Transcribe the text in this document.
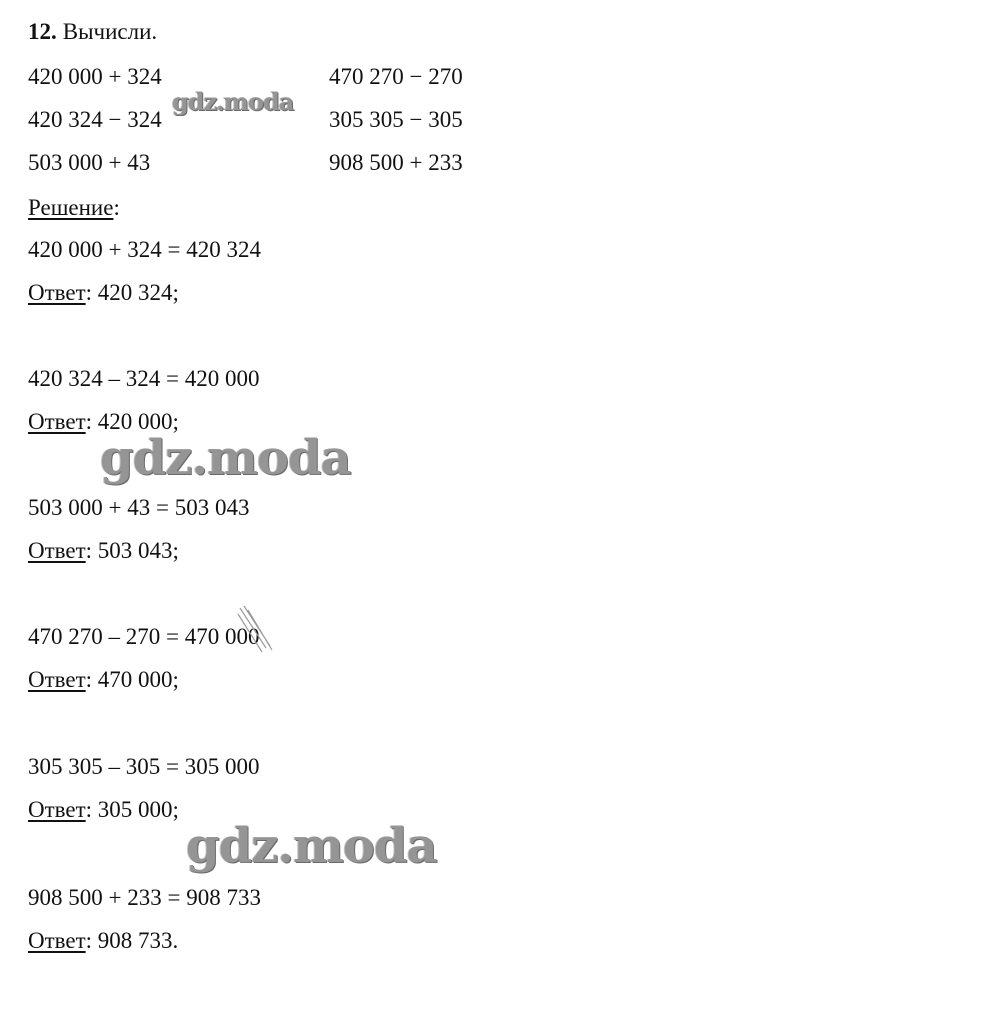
12. Вычисли.
420 000 + 324
420 324 − 324
503 000 + 43
470 270 − 270
305 305 − 305
908 500 + 233
gdz.moda
Решение:
420 000 + 324 = 420 324
Ответ: 420 324;
420 324 – 324 = 420 000
Ответ: 420 000;
gdz.moda
503 000 + 43 = 503 043
Ответ: 503 043;
470 270 – 270 = 470 000
Ответ: 470 000;
305 305 – 305 = 305 000
Ответ: 305 000;
gdz.moda
908 500 + 233 = 908 733
Ответ: 908 733.
